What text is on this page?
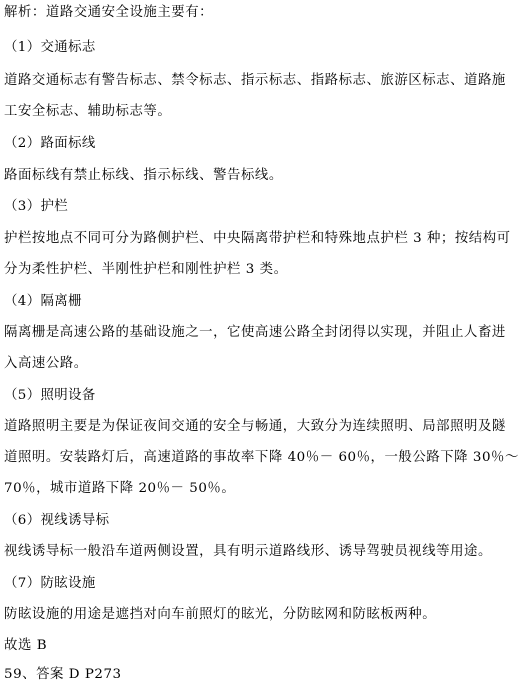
解析：道路交通安全设施主要有：
（1）交通标志
道路交通标志有警告标志、禁令标志、指示标志、指路标志、旅游区标志、道路施
工安全标志、辅助标志等。
（2）路面标线
路面标线有禁止标线、指示标线、警告标线。
（3）护栏
护栏按地点不同可分为路侧护栏、中央隔离带护栏和特殊地点护栏 3 种；按结构可
分为柔性护栏、半刚性护栏和刚性护栏 3 类。
（4）隔离栅
隔离栅是高速公路的基础设施之一，它使高速公路全封闭得以实现，并阻止人畜进
入高速公路。
（5）照明设备
道路照明主要是为保证夜间交通的安全与畅通，大致分为连续照明、局部照明及隧
道照明。安装路灯后，高速道路的事故率下降 40％－ 60％，一般公路下降 30％～
70％，城市道路下降 20％－ 50％。
（6）视线诱导标
视线诱导标一般沿车道两侧设置，具有明示道路线形、诱导驾驶员视线等用途。
（7）防眩设施
防眩设施的用途是遮挡对向车前照灯的眩光，分防眩网和防眩板两种。
故选 B
59、答案 D P273
